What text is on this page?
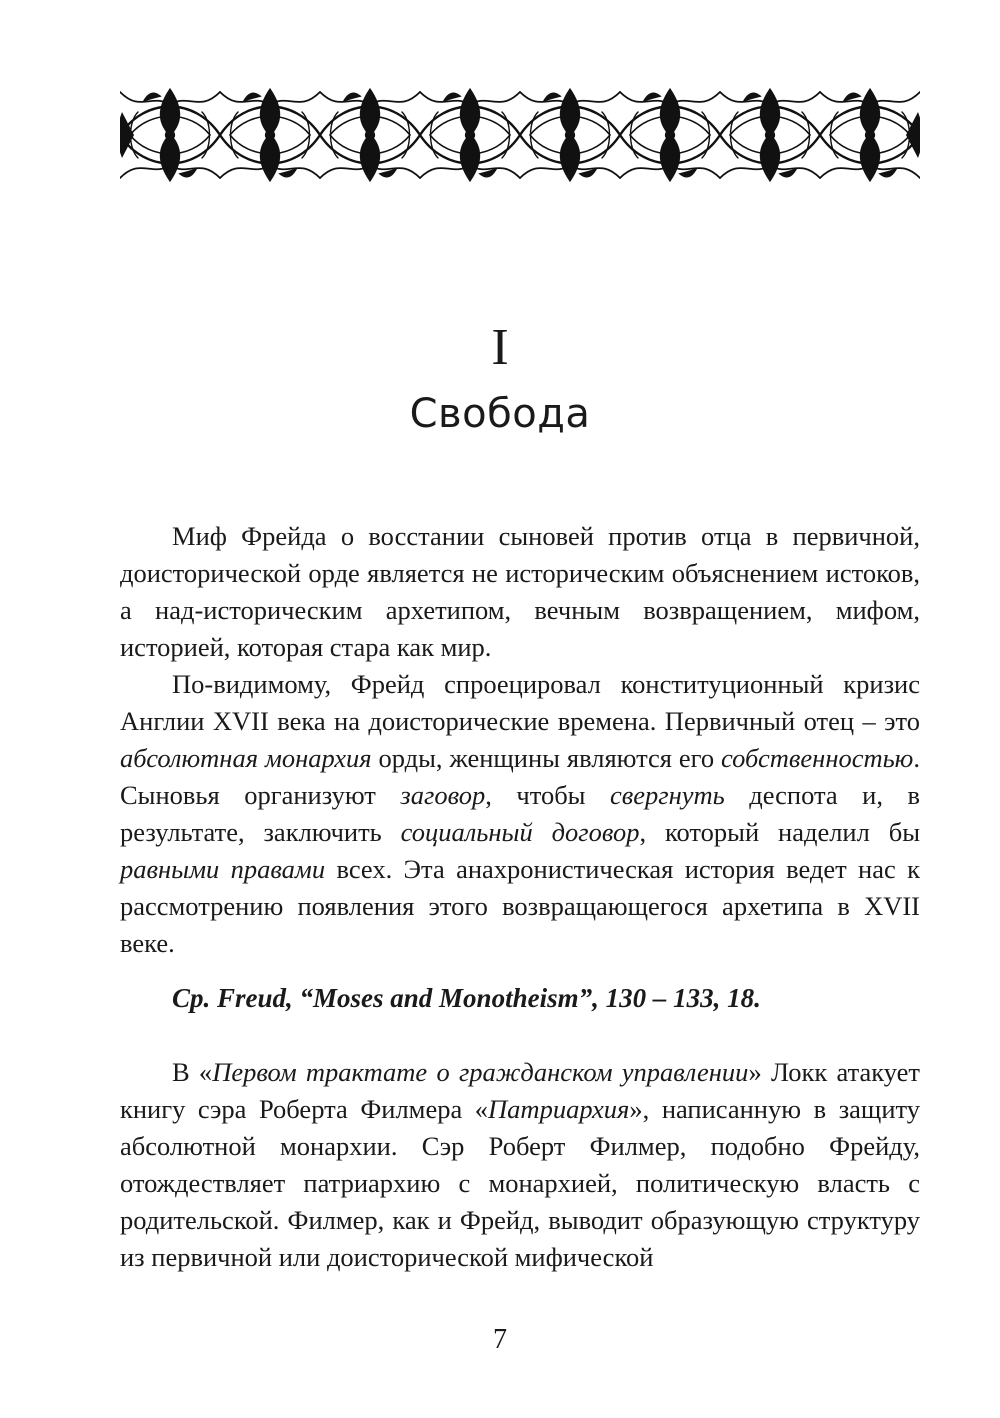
I
Свобода

Миф Фрейда о восстании сыновей против отца в первичной, доисторической орде является не историческим объяснением истоков, а над-историческим архетипом, вечным возвращением, мифом, историей, которая стара как мир.

По-видимому, Фрейд спроецировал конституционный кризис Англии XVII века на доисторические времена. Первичный отец – это абсолютная монархия орды, женщины являются его собственностью. Сыновья организуют заговор, чтобы свергнуть деспота и, в результате, заключить социальный договор, который наделил бы равными правами всех. Эта анахронистическая история ведет нас к рассмотрению появления этого возвращающегося архетипа в XVII веке.

Cp. Freud, “Moses and Monotheism”, 130 – 133, 18.

В «Первом трактате о гражданском управлении» Локк атакует книгу сэра Роберта Филмера «Патриархия», написанную в защиту абсолютной монархии. Сэр Роберт Филмер, подобно Фрейду, отождествляет патриархию с монархией, политическую власть с родительской. Филмер, как и Фрейд, выводит образующую структуру из первичной или доисторической мифической

7
